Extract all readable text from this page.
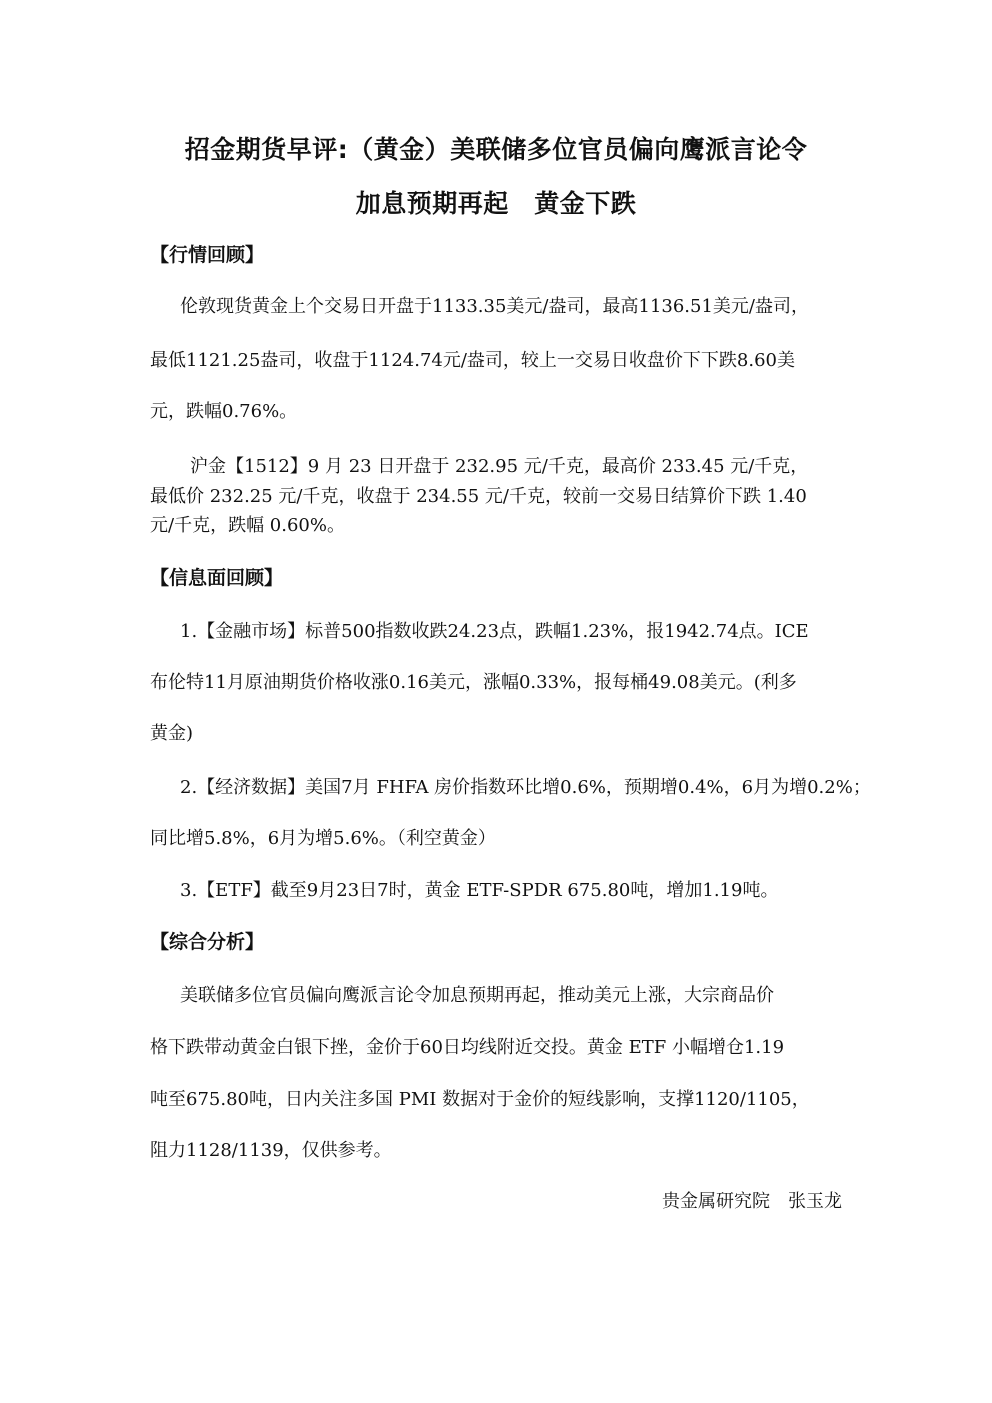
招金期货早评:（黄金）美联储多位官员偏向鹰派言论令
加息预期再起　黄金下跌
【行情回顾】
伦敦现货黄金上个交易日开盘于1133.35美元/盎司，最高1136.51美元/盎司，
最低1121.25盎司，收盘于1124.74元/盎司，较上一交易日收盘价下下跌8.60美
元，跌幅0.76%。
沪金【1512】9 月 23 日开盘于 232.95 元/千克，最高价 233.45 元/千克，
最低价 232.25 元/千克，收盘于 234.55 元/千克，较前一交易日结算价下跌 1.40
元/千克，跌幅 0.60%。
【信息面回顾】
1.【金融市场】标普500指数收跌24.23点，跌幅1.23%，报1942.74点。ICE
布伦特11月原油期货价格收涨0.16美元，涨幅0.33%，报每桶49.08美元。(利多
黄金)
2.【经济数据】美国7月 FHFA 房价指数环比增0.6%，预期增0.4%，6月为增0.2%；
同比增5.8%，6月为增5.6%。（利空黄金）
3.【ETF】截至9月23日7时，黄金 ETF-SPDR 675.80吨，增加1.19吨。
【综合分析】
美联储多位官员偏向鹰派言论令加息预期再起，推动美元上涨，大宗商品价
格下跌带动黄金白银下挫，金价于60日均线附近交投。黄金 ETF 小幅增仓1.19
吨至675.80吨，日内关注多国 PMI 数据对于金价的短线影响，支撑1120/1105，
阻力1128/1139，仅供参考。
贵金属研究院　张玉龙
